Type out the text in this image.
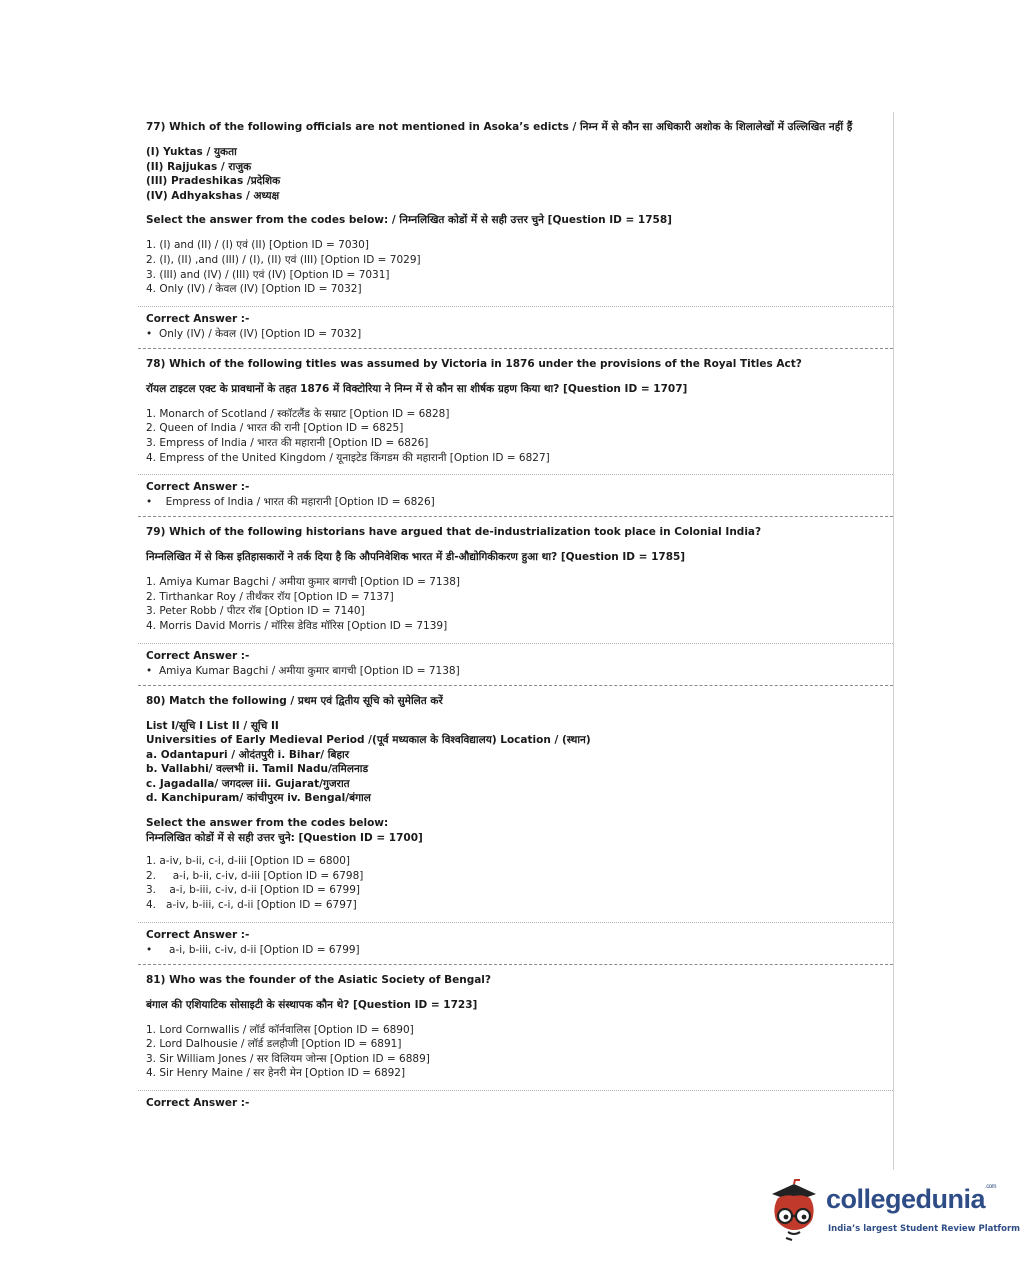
77) Which of the following officials are not mentioned in Asoka’s edicts / निम्न में से कौन सा अधिकारी अशोक के शिलालेखों में उल्लिखित नहीं हैं
(I) Yuktas / युकता
(II) Rajjukas / राजुक
(III) Pradeshikas /प्रदेशिक
(IV) Adhyakshas / अध्यक्ष
Select the answer from the codes below: / निम्नलिखित कोडों में से सही उत्तर चुने [Question ID = 1758]
1. (I) and (II) / (I) एवं (II) [Option ID = 7030]
2. (I), (II) ,and (III) / (I), (II) एवं (III) [Option ID = 7029]
3. (III) and (IV) / (III) एवं (IV) [Option ID = 7031]
4. Only (IV) / केवल (IV) [Option ID = 7032]
Correct Answer :-
• Only (IV) / केवल (IV) [Option ID = 7032]
78) Which of the following titles was assumed by Victoria in 1876 under the provisions of the Royal Titles Act?
रॉयल टाइटल एक्ट के प्रावधानों के तहत 1876 में विक्टोरिया ने निम्न में से कौन सा शीर्षक ग्रहण किया था? [Question ID = 1707]
1. Monarch of Scotland / स्कॉटलैंड के सम्राट [Option ID = 6828]
2. Queen of India / भारत की रानी [Option ID = 6825]
3. Empress of India / भारत की महारानी [Option ID = 6826]
4. Empress of the United Kingdom / यूनाइटेड किंगडम की महारानी [Option ID = 6827]
Correct Answer :-
•  Empress of India / भारत की महारानी [Option ID = 6826]
79) Which of the following historians have argued that de-industrialization took place in Colonial India?
निम्नलिखित में से किस इतिहासकारों ने तर्क दिया है कि औपनिवेशिक भारत में डी-औद्योगिकीकरण हुआ था? [Question ID = 1785]
1. Amiya Kumar Bagchi / अमीया कुमार बागची [Option ID = 7138]
2. Tirthankar Roy / तीर्थंकर रॉय [Option ID = 7137]
3. Peter Robb / पीटर रॉब [Option ID = 7140]
4. Morris David Morris / मॉरिस डेविड मॉरिस [Option ID = 7139]
Correct Answer :-
• Amiya Kumar Bagchi / अमीया कुमार बागची [Option ID = 7138]
80) Match the following / प्रथम एवं द्वितीय सूचि को सुमेलित करें
List I/सूचि I List II / सूचि II
Universities of Early Medieval Period /(पूर्व मध्यकाल के विश्वविद्यालय) Location / (स्थान)
a. Odantapuri / ओदंतपुरी i. Bihar/ बिहार
b. Vallabhi/ वल्लभी ii. Tamil Nadu/तमिलनाड
c. Jagadalla/ जगदल्ल iii. Gujarat/गुजरात
d. Kanchipuram/ कांचीपुरम iv. Bengal/बंगाल
Select the answer from the codes below:
निम्नलिखित कोडों में से सही उत्तर चुने: [Question ID = 1700]
1. a-iv, b-ii, c-i, d-iii [Option ID = 6800]
2.     a-i, b-ii, c-iv, d-iii [Option ID = 6798]
3.    a-i, b-iii, c-iv, d-ii [Option ID = 6799]
4.   a-iv, b-iii, c-i, d-ii [Option ID = 6797]
Correct Answer :-
•   a-i, b-iii, c-iv, d-ii [Option ID = 6799]
81) Who was the founder of the Asiatic Society of Bengal?
बंगाल की एशियाटिक सोसाइटी के संस्थापक कौन थे? [Question ID = 1723]
1. Lord Cornwallis / लॉर्ड कॉर्नवालिस [Option ID = 6890]
2. Lord Dalhousie / लॉर्ड डलहौजी [Option ID = 6891]
3. Sir William Jones / सर विलियम जोन्स [Option ID = 6889]
4. Sir Henry Maine / सर हेनरी मेन [Option ID = 6892]
Correct Answer :-
collegedunia$^{.com}$
India’s largest Student Review Platform
